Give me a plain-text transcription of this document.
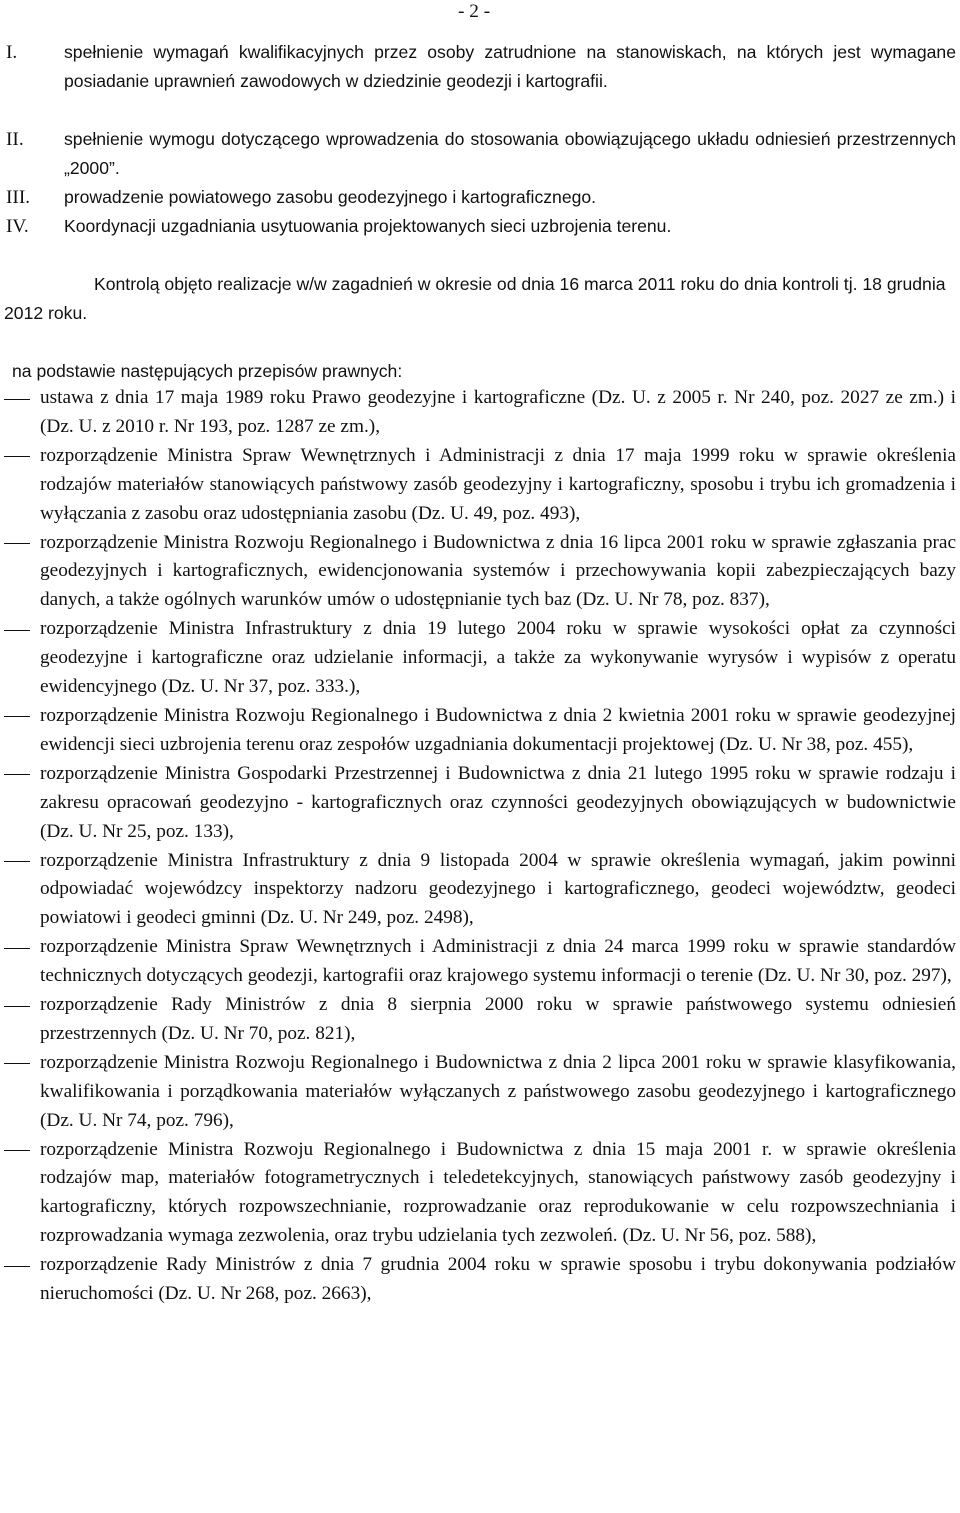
- 2 -
I.	spełnienie wymagań kwalifikacyjnych przez osoby zatrudnione na stanowiskach, na których jest wymagane posiadanie uprawnień zawodowych w dziedzinie geodezji i kartografii.
II. spełnienie wymogu dotyczącego wprowadzenia do stosowania obowiązującego układu odniesień przestrzennych „2000”.
III. prowadzenie powiatowego zasobu geodezyjnego i kartograficznego.
IV. Koordynacji uzgadniania usytuowania projektowanych sieci uzbrojenia terenu.
Kontrolą objęto realizacje w/w zagadnień w okresie od dnia 16 marca 2011 roku do dnia kontroli tj. 18 grudnia 2012 roku.
na podstawie następujących przepisów prawnych:
ustawa z dnia 17 maja 1989 roku Prawo geodezyjne i kartograficzne (Dz. U. z 2005 r. Nr 240, poz. 2027 ze zm.) i (Dz. U. z 2010 r. Nr 193, poz. 1287 ze zm.),
rozporządzenie Ministra Spraw Wewnętrznych i Administracji z dnia 17 maja 1999 roku w sprawie określenia rodzajów materiałów stanowiących państwowy zasób geodezyjny i kartograficzny, sposobu i trybu ich gromadzenia i wyłączania z zasobu oraz udostępniania zasobu (Dz. U. 49, poz. 493),
rozporządzenie Ministra Rozwoju Regionalnego i Budownictwa z dnia 16 lipca 2001 roku w sprawie zgłaszania prac geodezyjnych i kartograficznych, ewidencjonowania systemów i przechowywania kopii zabezpieczających bazy danych, a także ogólnych warunków umów o udostępnianie tych baz (Dz. U. Nr 78, poz. 837),
rozporządzenie Ministra Infrastruktury z dnia 19 lutego 2004 roku w sprawie wysokości opłat za czynności geodezyjne i kartograficzne oraz udzielanie informacji, a także za wykonywanie wyrysów i wypisów z operatu ewidencyjnego (Dz. U. Nr 37, poz. 333.),
rozporządzenie Ministra Rozwoju Regionalnego i Budownictwa z dnia 2 kwietnia 2001 roku w sprawie geodezyjnej ewidencji sieci uzbrojenia terenu oraz zespołów uzgadniania dokumentacji projektowej (Dz. U. Nr 38, poz. 455),
rozporządzenie Ministra Gospodarki Przestrzennej i Budownictwa z dnia 21 lutego 1995 roku w sprawie rodzaju i zakresu opracowań geodezyjno - kartograficznych oraz czynności geodezyjnych obowiązujących w budownictwie (Dz. U. Nr 25, poz. 133),
rozporządzenie Ministra Infrastruktury z dnia 9 listopada 2004 w sprawie określenia wymagań, jakim powinni odpowiadać wojewódzcy inspektorzy nadzoru geodezyjnego i kartograficznego, geodeci województw, geodeci powiatowi i geodeci gminni (Dz. U. Nr 249, poz. 2498),
rozporządzenie Ministra Spraw Wewnętrznych i Administracji z dnia 24 marca 1999 roku w sprawie standardów technicznych dotyczących geodezji, kartografii oraz krajowego systemu informacji o terenie (Dz. U. Nr 30, poz. 297),
rozporządzenie Rady Ministrów z dnia 8 sierpnia 2000 roku w sprawie państwowego systemu odniesień przestrzennych (Dz. U. Nr 70, poz. 821),
rozporządzenie Ministra Rozwoju Regionalnego i Budownictwa z dnia 2 lipca 2001 roku w sprawie klasyfikowania, kwalifikowania i porządkowania materiałów wyłączanych z państwowego zasobu geodezyjnego i kartograficznego (Dz. U. Nr 74, poz. 796),
rozporządzenie Ministra Rozwoju Regionalnego i Budownictwa z dnia 15 maja 2001 r. w sprawie określenia rodzajów map, materiałów fotogrametrycznych i teledetekcyjnych, stanowiących państwowy zasób geodezyjny i kartograficzny, których rozpowszechnianie, rozprowadzanie oraz reprodukowanie w celu rozpowszechniania i rozprowadzania wymaga zezwolenia, oraz trybu udzielania tych zezwoleń. (Dz. U. Nr 56, poz. 588),
rozporządzenie Rady Ministrów z dnia 7 grudnia 2004 roku w sprawie sposobu i trybu dokonywania podziałów nieruchomości (Dz. U. Nr 268, poz. 2663),
